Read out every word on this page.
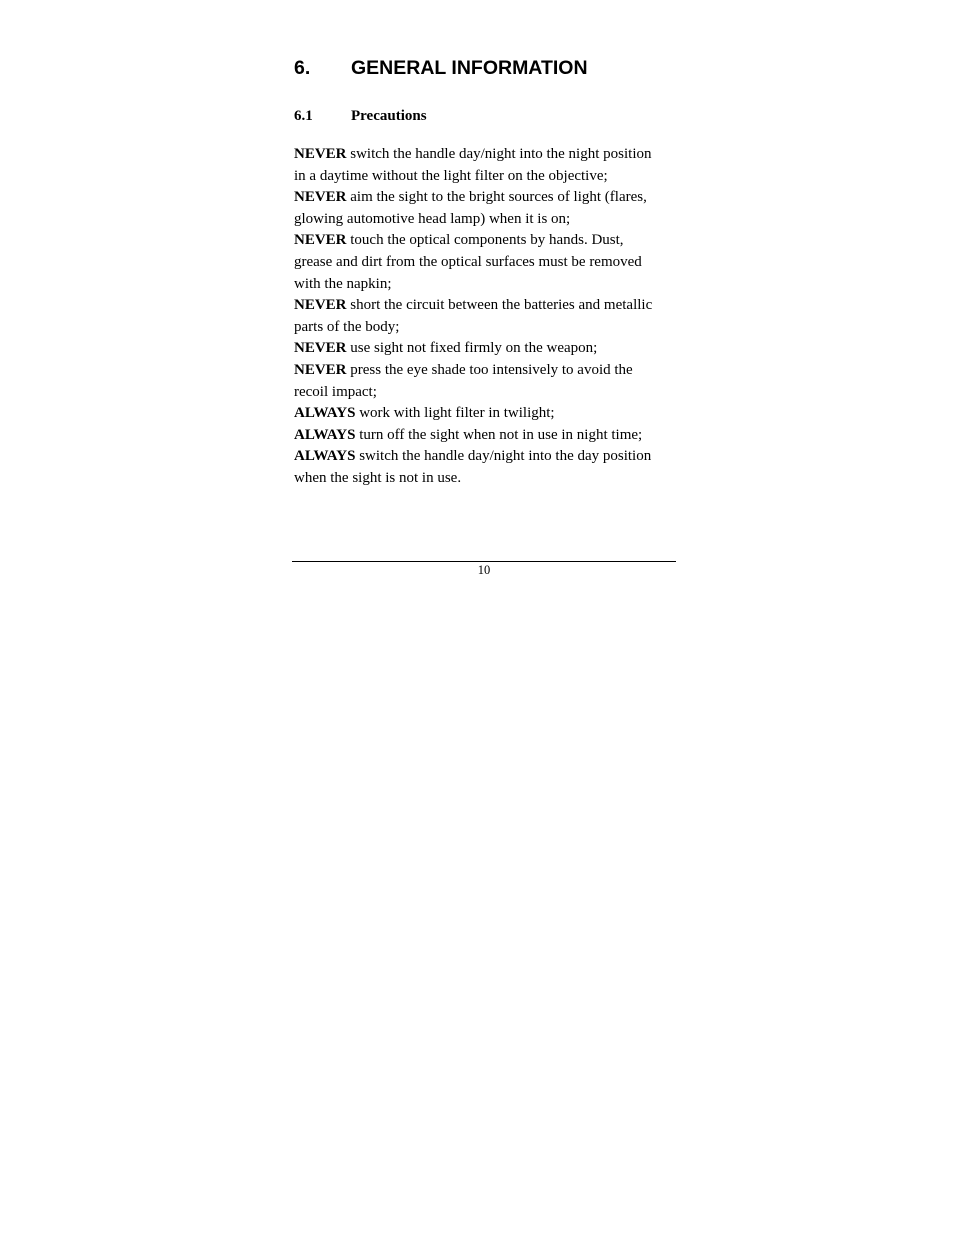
6. GENERAL INFORMATION
6.1	Precautions
NEVER switch the handle day/night into the night position
in a daytime without the light filter on the objective;
NEVER aim the sight to the bright sources of light (flares,
glowing automotive head lamp) when it is on;
NEVER touch the optical components by hands. Dust,
grease and dirt from the optical surfaces must be removed
with the napkin;
NEVER short the circuit between the batteries and metallic
parts of the body;
NEVER use sight not fixed firmly on the weapon;
NEVER press the eye shade too intensively to avoid the
recoil impact;
ALWAYS work with light filter in twilight;
ALWAYS turn off the sight when not in use in night time;
ALWAYS switch the handle day/night into the day position
when the sight is not in use.
10
